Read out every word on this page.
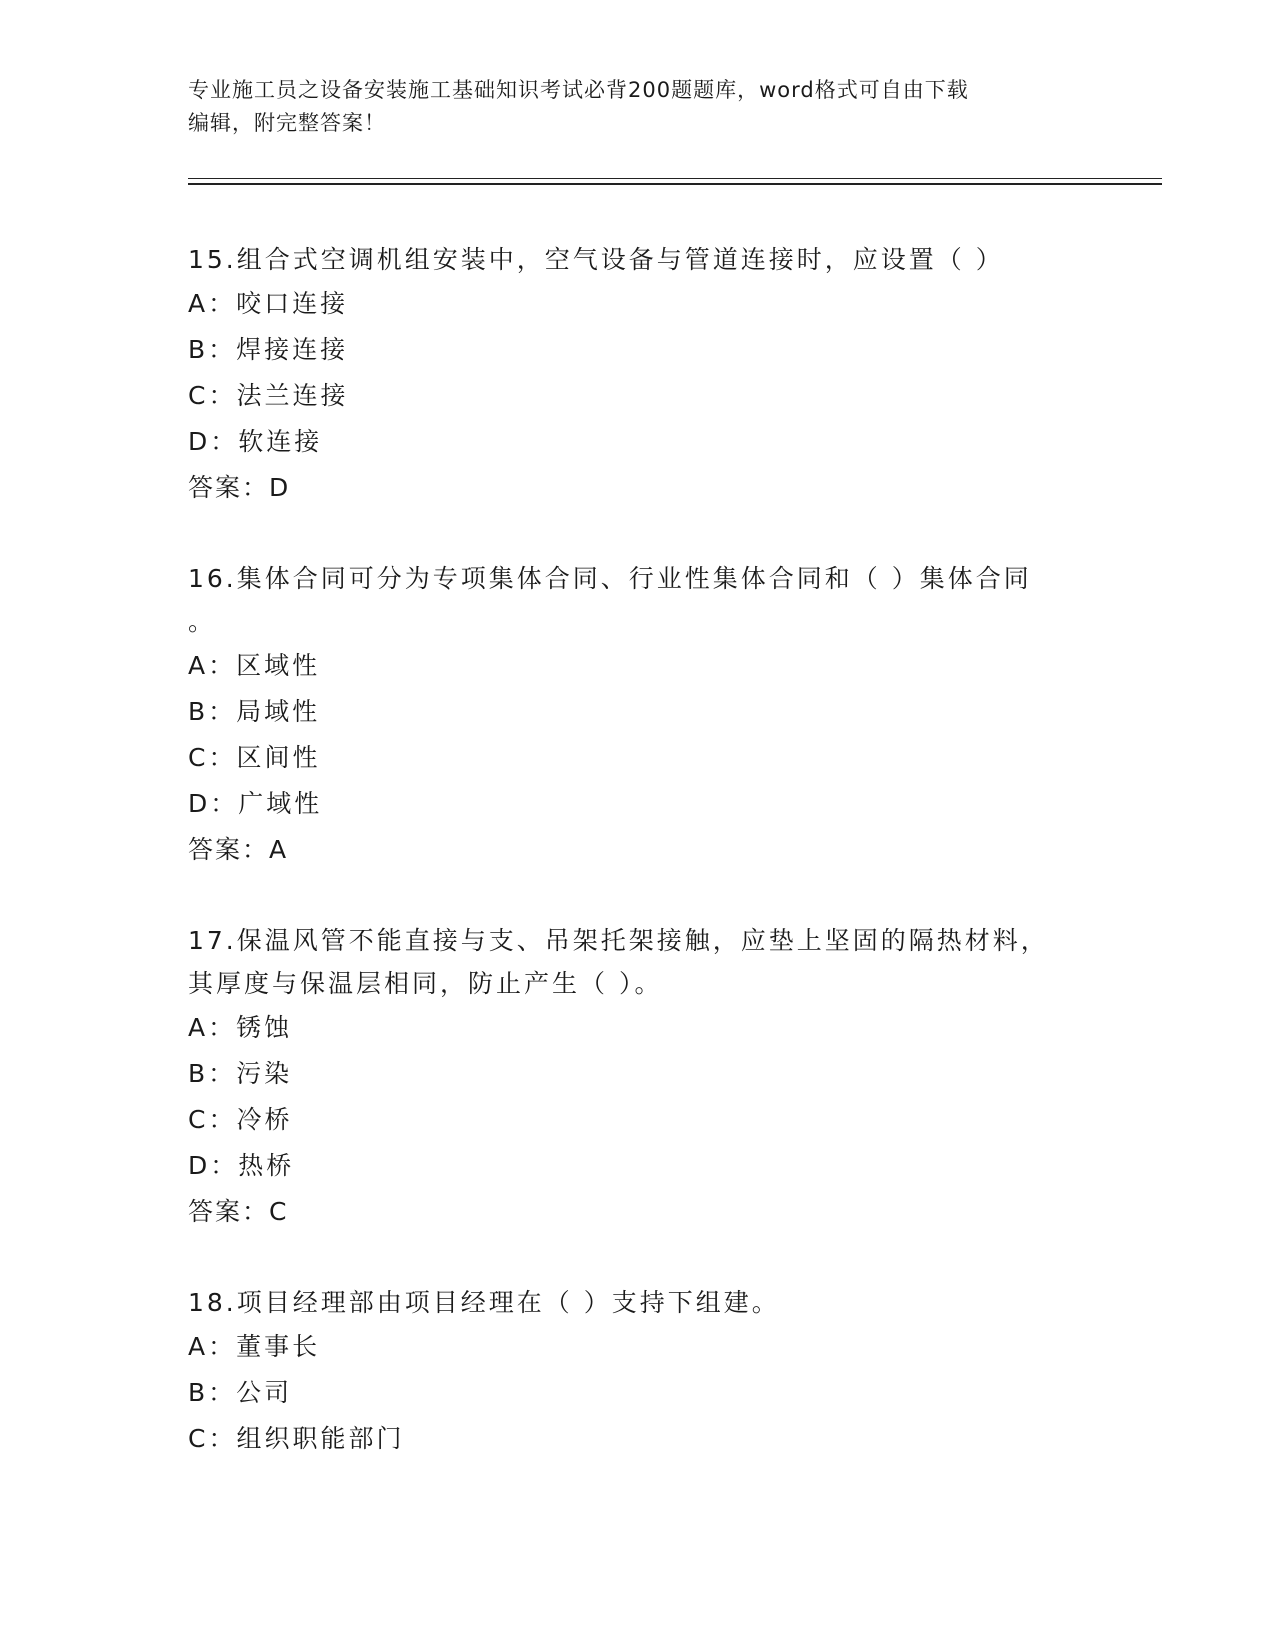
专业施工员之设备安装施工基础知识考试必背200题题库，word格式可自由下载
编辑，附完整答案！

15.组合式空调机组安装中，空气设备与管道连接时，应设置（ ）

A：咬口连接

B：焊接连接

C：法兰连接

D：软连接

答案：D

16.集体合同可分为专项集体合同、行业性集体合同和（ ）集体合同

。

A：区域性

B：局域性

C：区间性

D：广域性

答案：A

17.保温风管不能直接与支、吊架托架接触，应垫上坚固的隔热材料，

其厚度与保温层相同，防止产生（ ）。

A：锈蚀

B：污染

C：冷桥

D：热桥

答案：C

18.项目经理部由项目经理在（ ）支持下组建。

A：董事长

B：公司

C：组织职能部门
